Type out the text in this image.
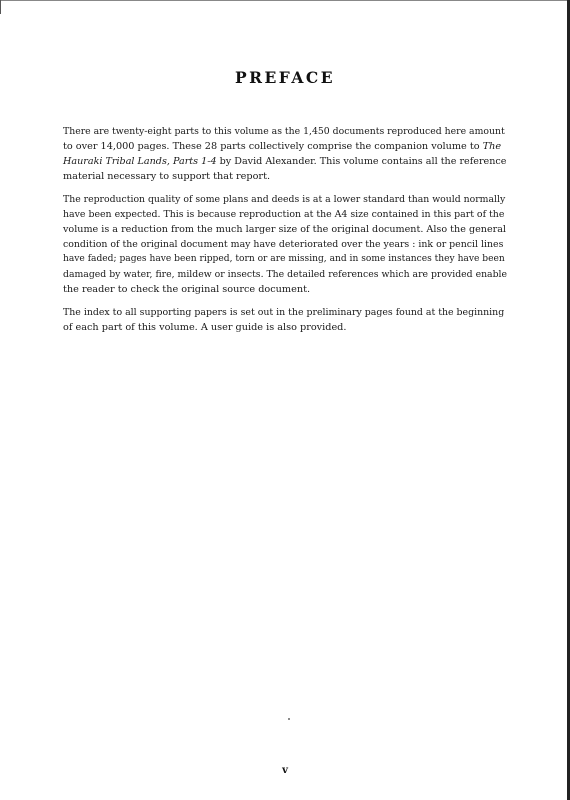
PREFACE

There are twenty-eight parts to this volume as the 1,450 documents reproduced here amount
to over 14,000 pages. These 28 parts collectively comprise the companion volume to The
Hauraki Tribal Lands, Parts 1-4 by David Alexander. This volume contains all the reference
material necessary to support that report.

The reproduction quality of some plans and deeds is at a lower standard than would normally
have been expected. This is because reproduction at the A4 size contained in this part of the
volume is a reduction from the much larger size of the original document. Also the general
condition of the original document may have deteriorated over the years : ink or pencil lines
have faded; pages have been ripped, torn or are missing, and in some instances they have been
damaged by water, fire, mildew or insects. The detailed references which are provided enable
the reader to check the original source document.

The index to all supporting papers is set out in the preliminary pages found at the beginning
of each part of this volume. A user guide is also provided.

v
